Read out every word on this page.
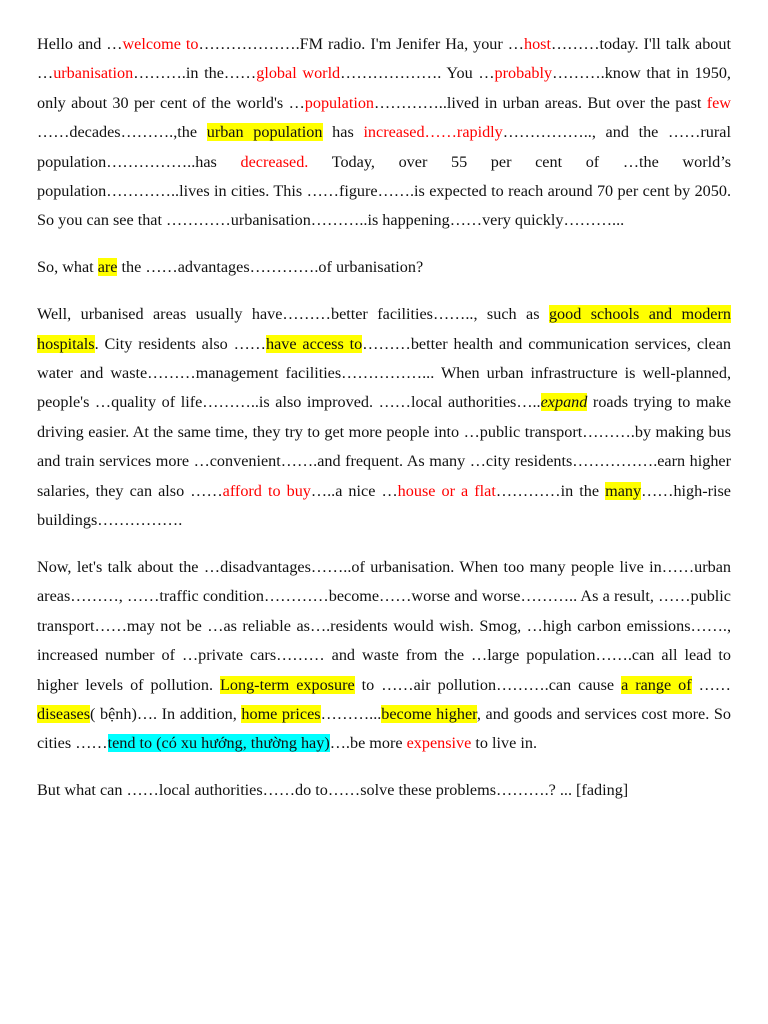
Hello and …welcome to……………….FM radio. I'm Jenifer Ha, your …host………today. I'll talk about …urbanisation……….in the……global world………………. You …probably……….know that in 1950, only about 30 per cent of the world's …population…………..lived in urban areas. But over the past few ……decades……….,the urban population has increased……rapidly…………….., and the ……rural population……………..has decreased. Today, over 55 per cent of …the world’s population…………..lives in cities. This ……figure…….is expected to reach around 70 per cent by 2050. So you can see that …………urbanisation………..is happening……very quickly………...

So, what are the ……advantages………….of urbanisation?

Well, urbanised areas usually have………better facilities…….., such as good schools and modern hospitals. City residents also ……have access to………better health and communication services, clean water and waste………management facilities……………... When urban infrastructure is well-planned, people's …quality of life………..is also improved. ……local authorities…..expand roads trying to make driving easier. At the same time, they try to get more people into …public transport……….by making bus and train services more …convenient…….and frequent. As many …city residents…………….earn higher salaries, they can also ……afford to buy…..a nice …house or a flat…………in the many……high-rise buildings…………….

Now, let's talk about the …disadvantages……..of urbanisation. When too many people live in……urban areas………, ……traffic condition…………become……worse and worse……….. As a result, ……public transport……may not be …as reliable as….residents would wish. Smog, …high carbon emissions……., increased number of …private cars……… and waste from the …large population…….can all lead to higher levels of pollution. Long-term exposure to ……air pollution……….can cause a range of ……diseases( bệnh)…. In addition, home prices………...become higher, and goods and services cost more. So cities ……tend to (có xu hướng, thường hay)….be more expensive to live in.

But what can ……local authorities……do to……solve these problems……….? ... [fading]
